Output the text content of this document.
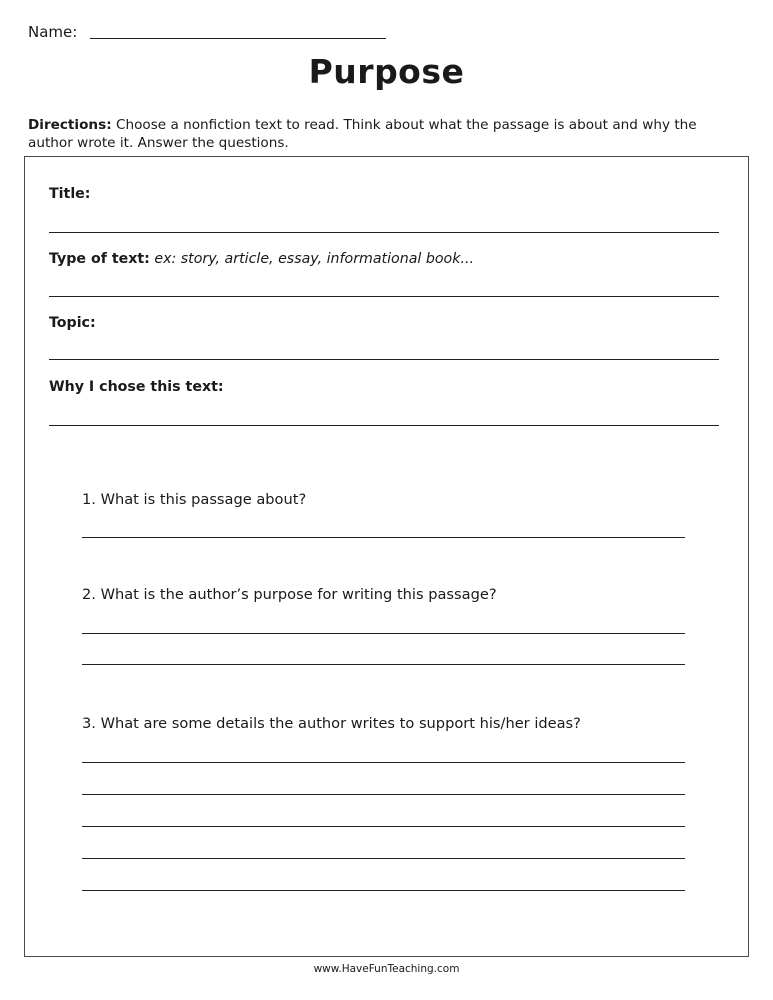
Name:
Purpose
Directions: Choose a nonfiction text to read. Think about what the passage is about and why the author wrote it. Answer the questions.
Title:
Type of text: ex: story, article, essay, informational book...
Topic:
Why I chose this text:
1. What is this passage about?
2. What is the author’s purpose for writing this passage?
3. What are some details the author writes to support his/her ideas?
www.HaveFunTeaching.com
